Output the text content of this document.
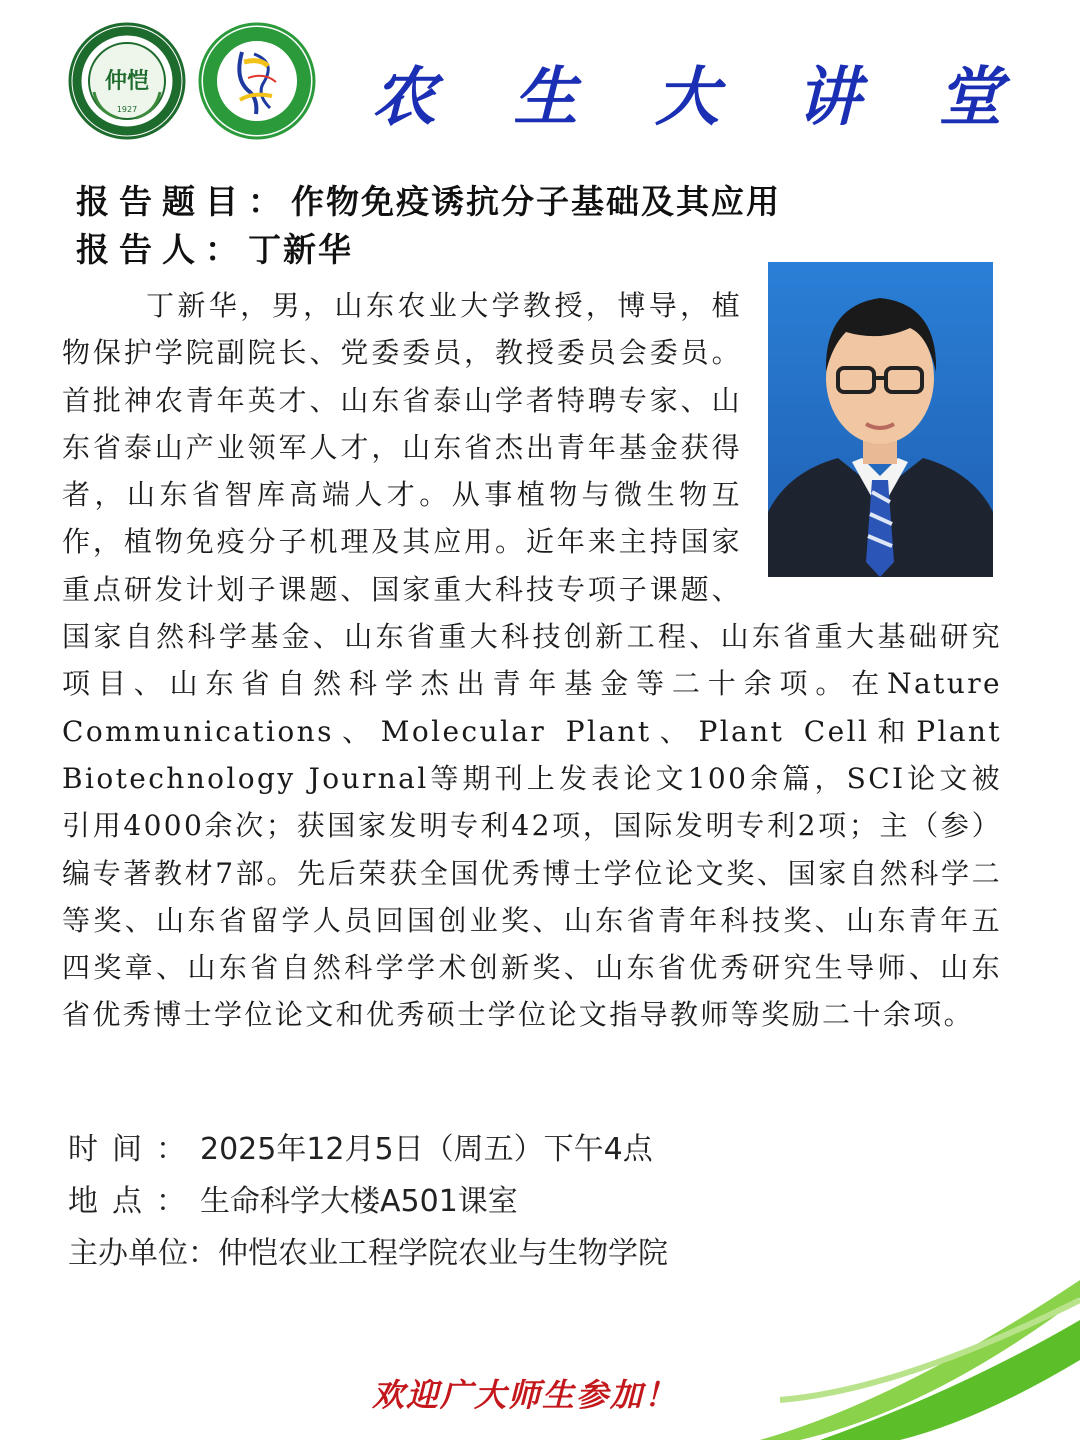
仲恺
1927	农 生 大 讲 堂
报告题目：作物免疫诱抗分子基础及其应用
报告人：丁新华

丁新华，男，山东农业大学教授，博导，植物保护学院副院长、党委委员，教授委员会委员。首批神农青年英才、山东省泰山学者特聘专家、山东省泰山产业领军人才，山东省杰出青年基金获得者，山东省智库高端人才。从事植物与微生物互作，植物免疫分子机理及其应用。近年来主持国家重点研发计划子课题、国家重大科技专项子课题、国家自然科学基金、山东省重大科技创新工程、山东省重大基础研究项目、山东省自然科学杰出青年基金等二十余项。在Nature Communications、Molecular Plant、Plant Cell和Plant Biotechnology Journal等期刊上发表论文100余篇，SCI论文被引用4000余次；获国家发明专利42项，国际发明专利2项；主（参）编专著教材7部。先后荣获全国优秀博士学位论文奖、国家自然科学二等奖、山东省留学人员回国创业奖、山东省青年科技奖、山东青年五四奖章、山东省自然科学学术创新奖、山东省优秀研究生导师、山东省优秀博士学位论文和优秀硕士学位论文指导教师等奖励二十余项。

时间：2025年12月5日（周五）下午4点
地点：生命科学大楼A501课室
主办单位：仲恺农业工程学院农业与生物学院
欢迎广大师生参加！
